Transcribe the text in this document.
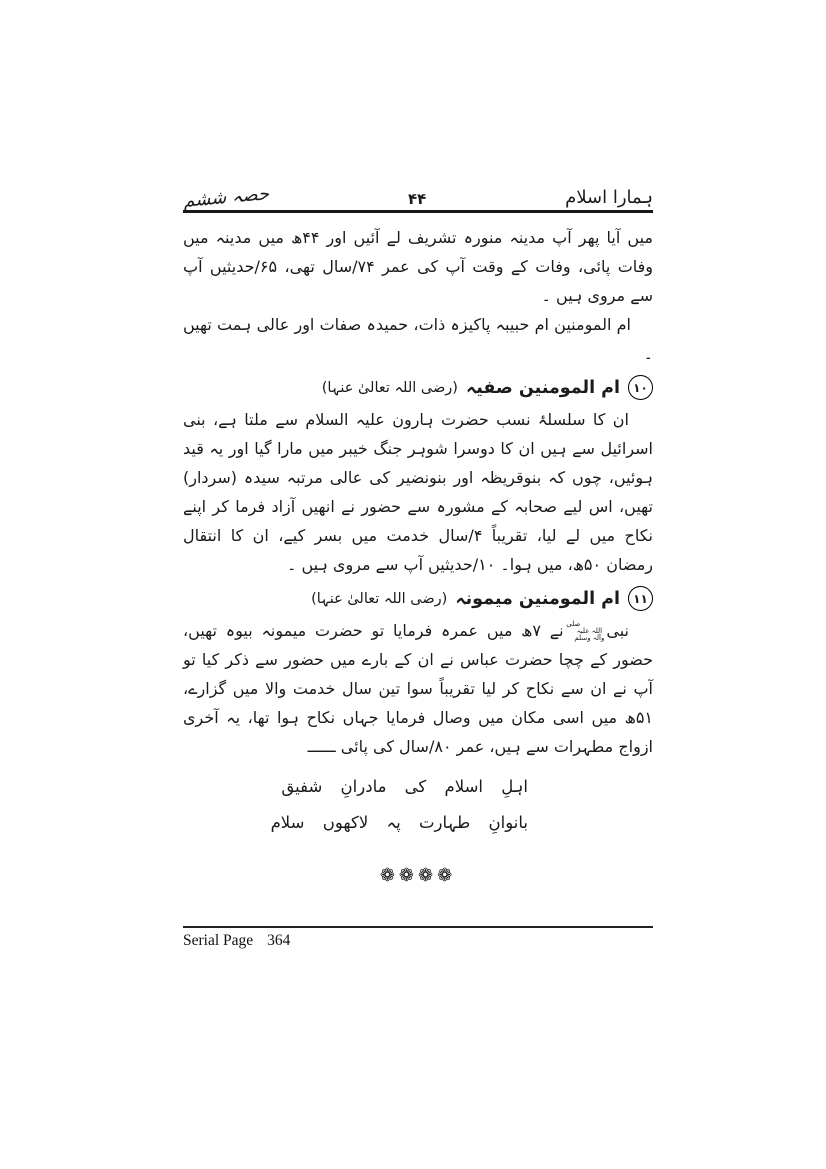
ہمارا اسلام
۴۴
حصہ ششم

میں آیا پھر آپ مدینہ منورہ تشریف لے آئیں اور ۴۴ھ میں مدینہ میں وفات پائی، وفات کے وقت آپ کی عمر ۷۴/سال تھی، ۶۵/حدیثیں آپ سے مروی ہیں ۔

ام المومنین ام حبیبہ پاکیزہ ذات، حمیدہ صفات اور عالی ہمت تھیں ۔

۱۰
ام المومنین صفیہ
(رضی اللہ تعالیٰ عنہا)

ان کا سلسلۂ نسب حضرت ہارون علیہ السلام سے ملتا ہے، بنی اسرائیل سے ہیں ان کا دوسرا شوہر جنگ خیبر میں مارا گیا اور یہ قید ہوئیں، چوں کہ بنوقریظہ اور بنونضیر کی عالی مرتبہ سیدہ (سردار) تھیں، اس لیے صحابہ کے مشورہ سے حضور نے انھیں آزاد فرما کر اپنے نکاح میں لے لیا، تقریباً ۴/سال خدمت میں بسر کیے، ان کا انتقال رمضان ۵۰ھ، میں ہوا۔ ۱۰/حدیثیں آپ سے مروی ہیں ۔

۱۱
ام المومنین میمونہ
(رضی اللہ تعالیٰ عنہا)

نبیصلی اللہ علیہ وآلہ وسلم نے ۷ھ میں عمرہ فرمایا تو حضرت میمونہ بیوہ تھیں، حضور کے چچا حضرت عباس نے ان کے بارے میں حضور سے ذکر کیا تو آپ نے ان سے نکاح کر لیا تقریباً سوا تین سال خدمت والا میں گزارے، ۵۱ھ میں اسی مکان میں وصال فرمایا جہاں نکاح ہوا تھا، یہ آخری ازواج مطہرات سے ہیں، عمر ۸۰/سال کی پائی ــــــ

اہلِ اسلام کی مادرانِ شفیق
بانوانِ طہارت پہ لاکھوں سلام
❁❁❁❁
Serial Page 364
